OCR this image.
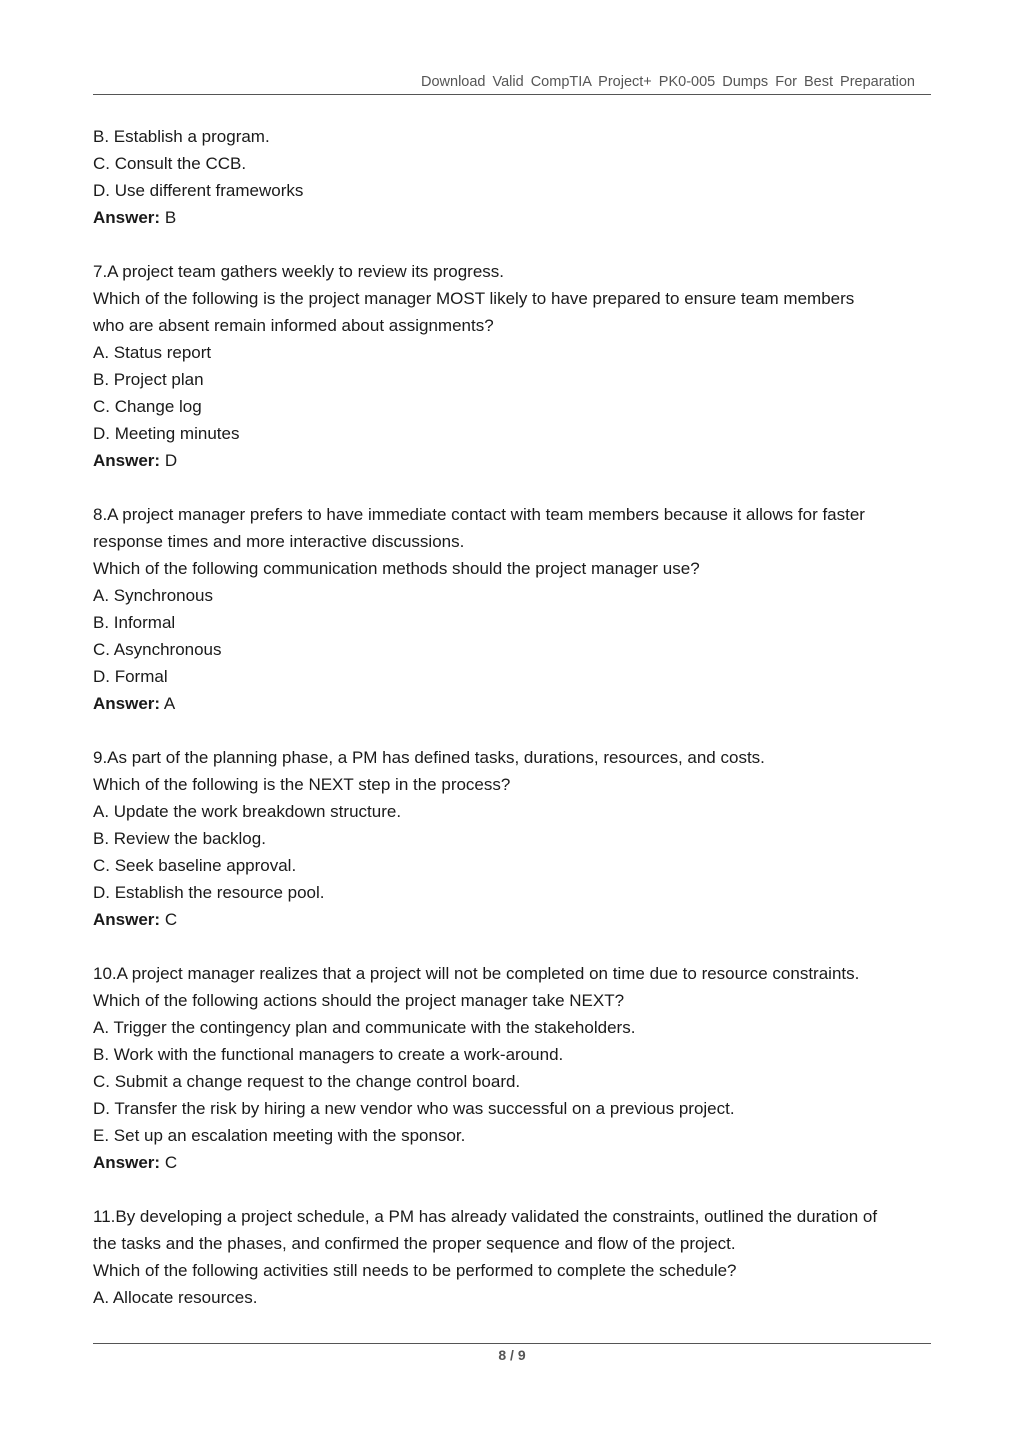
Download Valid CompTIA Project+ PK0-005 Dumps For Best Preparation
B. Establish a program.
C. Consult the CCB.
D. Use different frameworks
Answer: B
7.A project team gathers weekly to review its progress.
Which of the following is the project manager MOST likely to have prepared to ensure team members
who are absent remain informed about assignments?
A. Status report
B. Project plan
C. Change log
D. Meeting minutes
Answer: D
8.A project manager prefers to have immediate contact with team members because it allows for faster
response times and more interactive discussions.
Which of the following communication methods should the project manager use?
A. Synchronous
B. Informal
C. Asynchronous
D. Formal
Answer: A
9.As part of the planning phase, a PM has defined tasks, durations, resources, and costs.
Which of the following is the NEXT step in the process?
A. Update the work breakdown structure.
B. Review the backlog.
C. Seek baseline approval.
D. Establish the resource pool.
Answer: C
10.A project manager realizes that a project will not be completed on time due to resource constraints.
Which of the following actions should the project manager take NEXT?
A. Trigger the contingency plan and communicate with the stakeholders.
B. Work with the functional managers to create a work-around.
C. Submit a change request to the change control board.
D. Transfer the risk by hiring a new vendor who was successful on a previous project.
E. Set up an escalation meeting with the sponsor.
Answer: C
11.By developing a project schedule, a PM has already validated the constraints, outlined the duration of
the tasks and the phases, and confirmed the proper sequence and flow of the project.
Which of the following activities still needs to be performed to complete the schedule?
A. Allocate resources.
8 / 9
